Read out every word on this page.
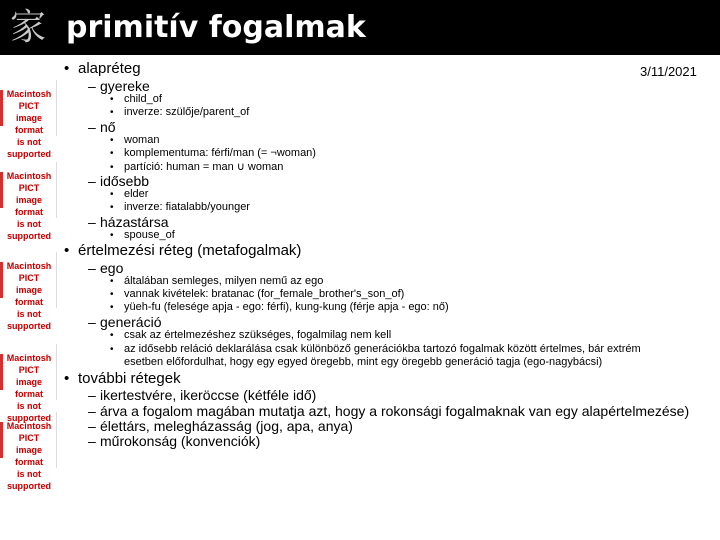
家 primitív fogalmak
3/11/2021
Macintosh PICT
image format
is not supported
Macintosh PICT
image format
is not supported
Macintosh PICT
image format
is not supported
Macintosh PICT
image format
is not supported
Macintosh PICT
image format
is not supported
• alapréteg
– gyereke
• child_of
• inverze: szülője/parent_of
– nő
• woman
• komplementuma: férfi/man (= ¬woman)
• partíció: human = man ∪ woman
– idősebb
• elder
• inverze: fiatalabb/younger
– házastársa
• spouse_of
• értelmezési réteg (metafogalmak)
– ego
• általában semleges, milyen nemű az ego
• vannak kivételek: bratanac (for_female_brother's_son_of)
• yüeh-fu (felesége apja - ego: férfi), kung-kung (férje apja - ego: nő)
– generáció
• csak az értelmezéshez szükséges, fogalmilag nem kell
• az idősebb reláció deklarálása csak különböző generációkba tartozó fogalmak között értelmes, bár extrém
esetben előfordulhat, hogy egy egyed öregebb, mint egy öregebb generáció tagja (ego-nagybácsi)
• további rétegek
– ikertestvére, ikeröccse (kétféle idő)
– árva a fogalom magában mutatja azt, hogy a rokonsági fogalmaknak van egy alapértelmezése)
– élettárs, melegházasság (jog, apa, anya)
– műrokonság (konvenciók)
